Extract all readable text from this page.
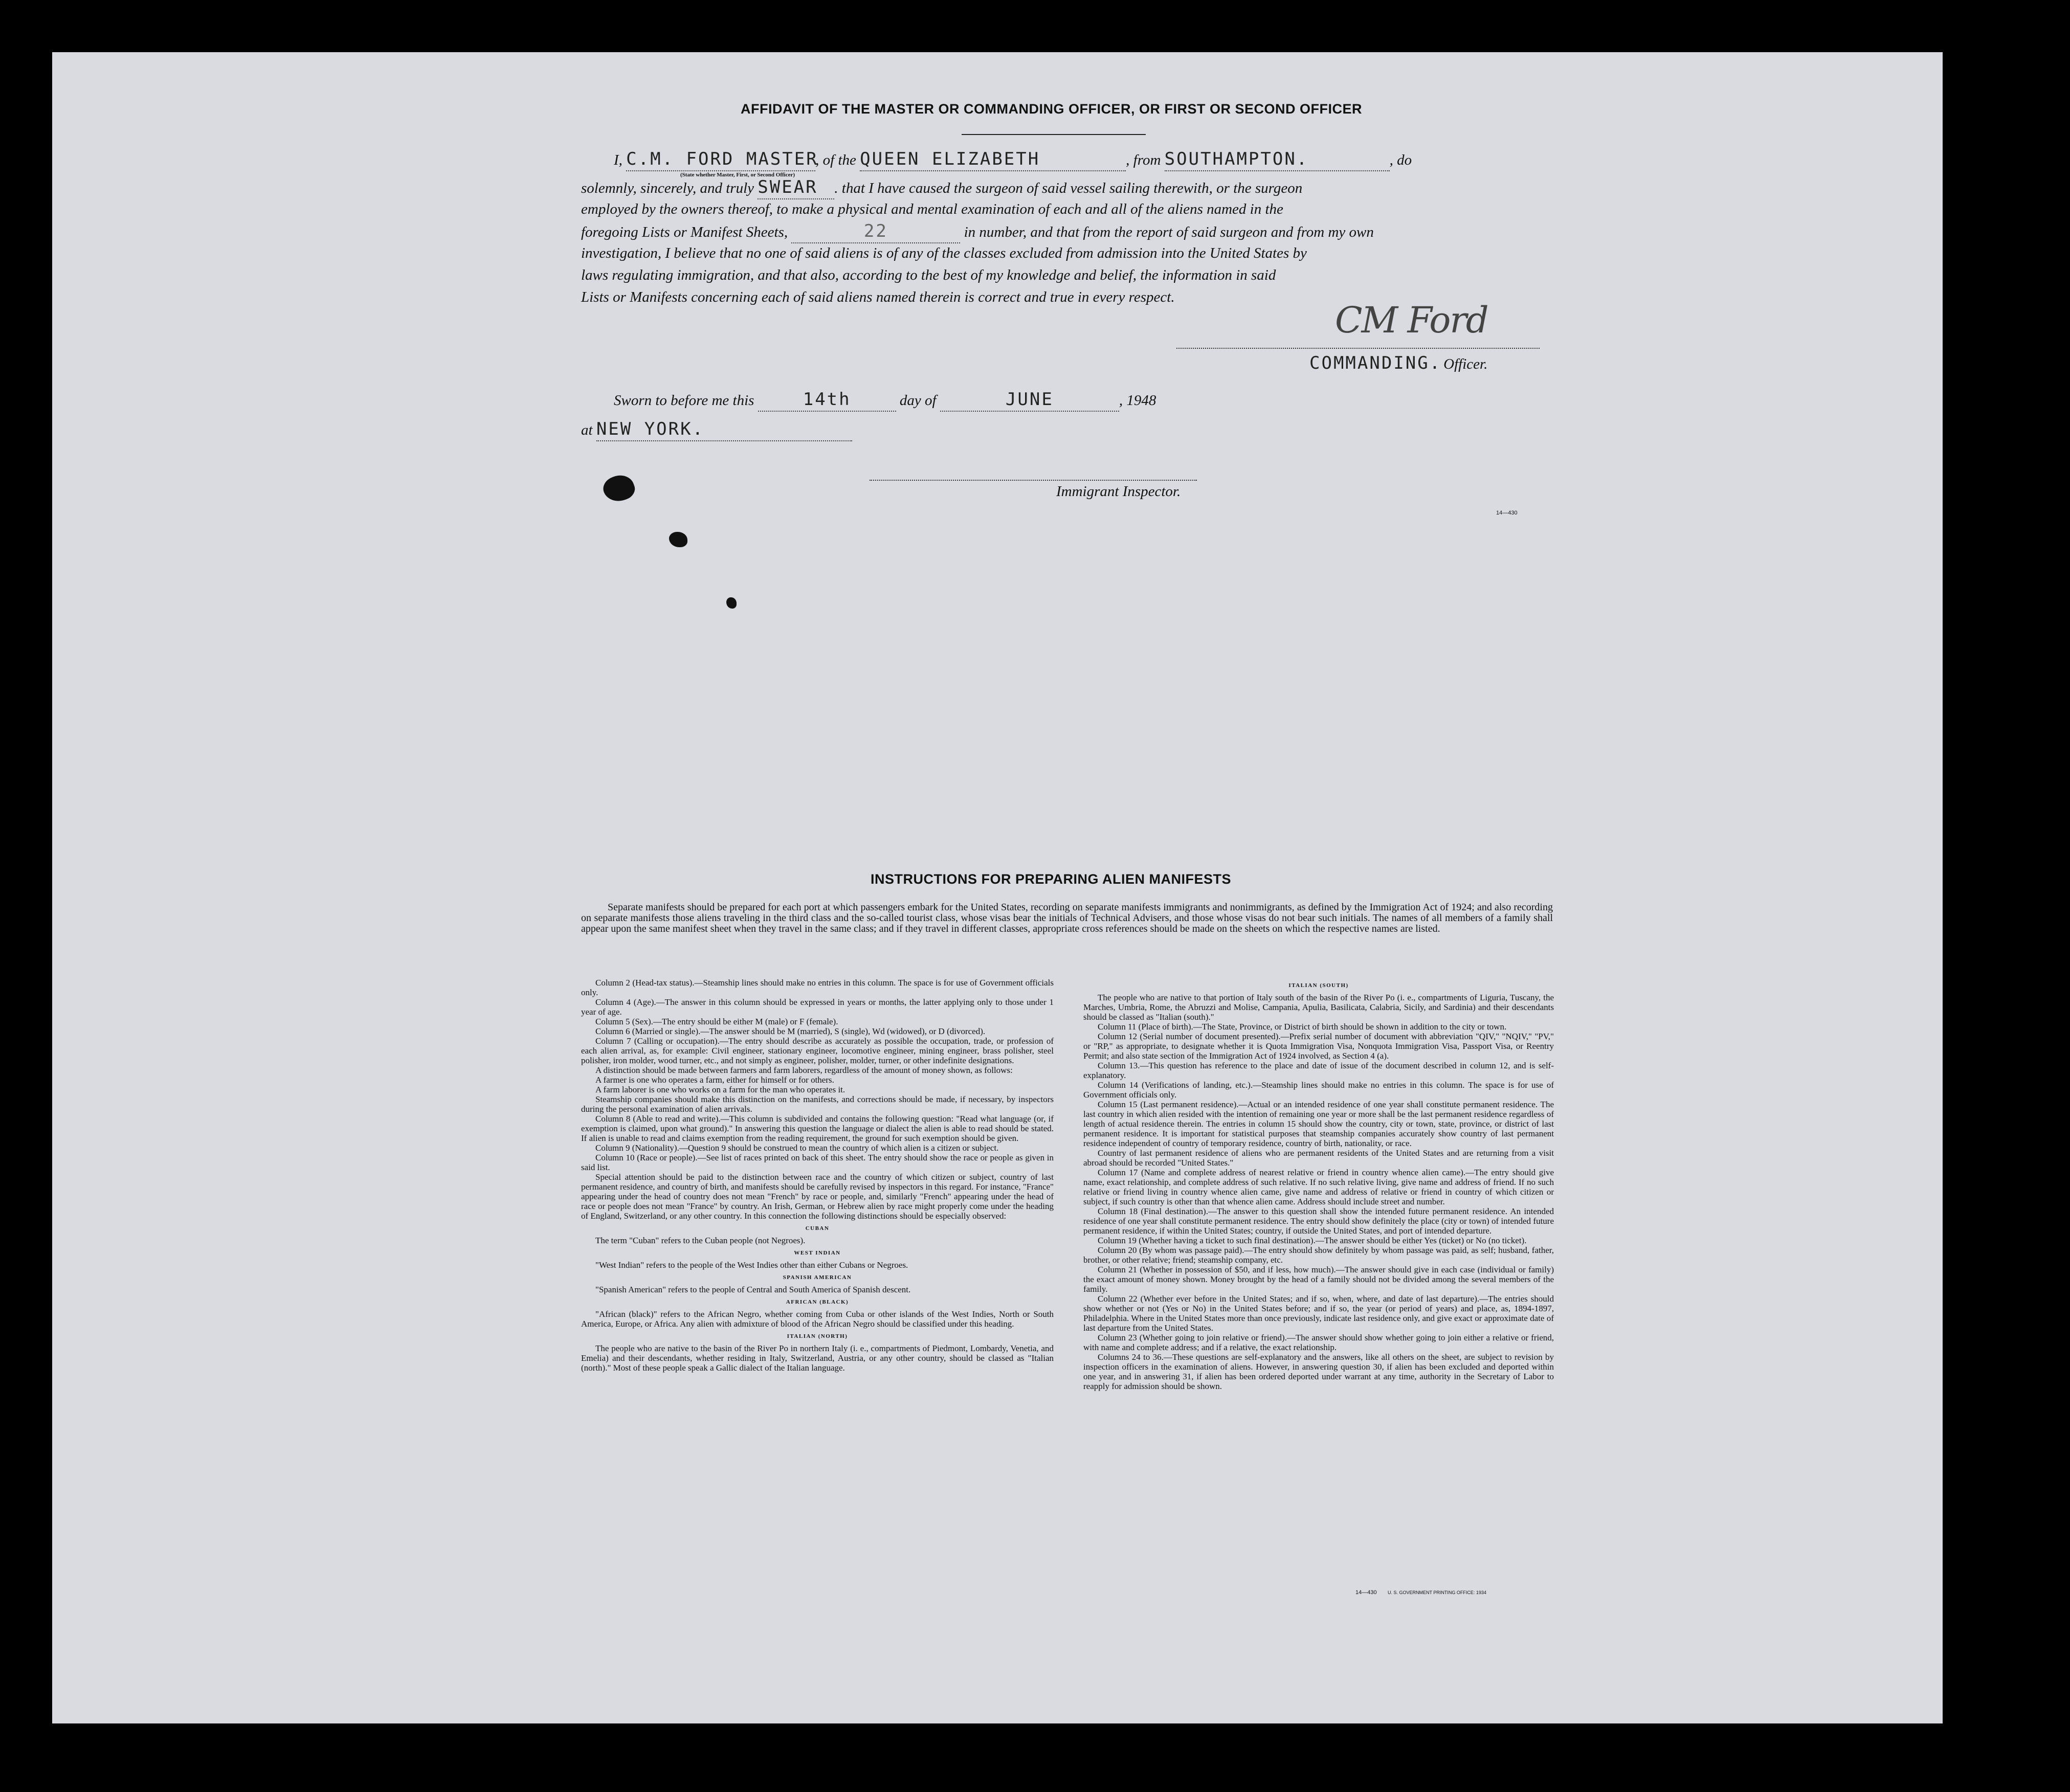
AFFIDAVIT OF THE MASTER OR COMMANDING OFFICER, OR FIRST OR SECOND OFFICER
I, C.M. FORD MASTER, of the QUEEN ELIZABETH	, from SOUTHAMPTON.	, do
(State whether Master, First, or Second Officer)
solemnly, sincerely, and truly SWEAR . that I have caused the surgeon of said vessel sailing therewith, or the surgeon
employed by the owners thereof, to make a physical and mental examination of each and all of the aliens named in the
foregoing Lists or Manifest Sheets,	22	in number, and that from the report of said surgeon and from my own
investigation, I believe that no one of said aliens is of any of the classes excluded from admission into the United States by
laws regulating immigration, and that also, according to the best of my knowledge and belief, the information in said
Lists or Manifests concerning each of said aliens named therein is correct and true in every respect.
CM Ford
COMMANDING. Officer.
Sworn to before me this	14th	day of	JUNE	, 1948
at NEW YORK.
Immigrant Inspector.
14—430
INSTRUCTIONS FOR PREPARING ALIEN MANIFESTS
Separate manifests should be prepared for each port at which passengers embark for the United States, recording on separate manifests immigrants and nonimmigrants, as defined by the Immigration Act of 1924; and also recording on separate manifests those aliens traveling in the third class and the so-called tourist class, whose visas bear the initials of Technical Advisers, and those whose visas do not bear such initials. The names of all members of a family shall appear upon the same manifest sheet when they travel in the same class; and if they travel in different classes, appropriate cross references should be made on the sheets on which the respective names are listed.

Column 2 (Head-tax status).—Steamship lines should make no entries in this column. The space is for use of Government officials only.

Column 4 (Age).—The answer in this column should be expressed in years or months, the latter applying only to those under 1 year of age.

Column 5 (Sex).—The entry should be either M (male) or F (female).

Column 6 (Married or single).—The answer should be M (married), S (single), Wd (widowed), or D (divorced).

Column 7 (Calling or occupation).—The entry should describe as accurately as possible the occupation, trade, or profession of each alien arrival, as, for example: Civil engineer, stationary engineer, locomotive engineer, mining engineer, brass polisher, steel polisher, iron molder, wood turner, etc., and not simply as engineer, polisher, molder, turner, or other indefinite designations.

A distinction should be made between farmers and farm laborers, regardless of the amount of money shown, as follows:

A farmer is one who operates a farm, either for himself or for others.

A farm laborer is one who works on a farm for the man who operates it.

Steamship companies should make this distinction on the manifests, and corrections should be made, if necessary, by inspectors during the personal examination of alien arrivals.

Column 8 (Able to read and write).—This column is subdivided and contains the following question: "Read what language (or, if exemption is claimed, upon what ground)." In answering this question the language or dialect the alien is able to read should be stated. If alien is unable to read and claims exemption from the reading requirement, the ground for such exemption should be given.

Column 9 (Nationality).—Question 9 should be construed to mean the country of which alien is a citizen or subject.

Column 10 (Race or people).—See list of races printed on back of this sheet. The entry should show the race or people as given in said list.

Special attention should be paid to the distinction between race and the country of which citizen or subject, country of last permanent residence, and country of birth, and manifests should be carefully revised by inspectors in this regard. For instance, "France" appearing under the head of country does not mean "French" by race or people, and, similarly "French" appearing under the head of race or people does not mean "France" by country. An Irish, German, or Hebrew alien by race might properly come under the heading of England, Switzerland, or any other country. In this connection the following distinctions should be especially observed:

CUBAN

The term "Cuban" refers to the Cuban people (not Negroes).

WEST INDIAN

"West Indian" refers to the people of the West Indies other than either Cubans or Negroes.

SPANISH AMERICAN

"Spanish American" refers to the people of Central and South America of Spanish descent.

AFRICAN (BLACK)

"African (black)" refers to the African Negro, whether coming from Cuba or other islands of the West Indies, North or South America, Europe, or Africa. Any alien with admixture of blood of the African Negro should be classified under this heading.

ITALIAN (NORTH)

The people who are native to the basin of the River Po in northern Italy (i. e., compartments of Piedmont, Lombardy, Venetia, and Emelia) and their descendants, whether residing in Italy, Switzerland, Austria, or any other country, should be classed as "Italian (north)." Most of these people speak a Gallic dialect of the Italian language.

ITALIAN (SOUTH)

The people who are native to that portion of Italy south of the basin of the River Po (i. e., compartments of Liguria, Tuscany, the Marches, Umbria, Rome, the Abruzzi and Molise, Campania, Apulia, Basilicata, Calabria, Sicily, and Sardinia) and their descendants should be classed as "Italian (south)."

Column 11 (Place of birth).—The State, Province, or District of birth should be shown in addition to the city or town.

Column 12 (Serial number of document presented).—Prefix serial number of document with abbreviation "QIV," "NQIV," "PV," or "RP," as appropriate, to designate whether it is Quota Immigration Visa, Nonquota Immigration Visa, Passport Visa, or Reentry Permit; and also state section of the Immigration Act of 1924 involved, as Section 4 (a).

Column 13.—This question has reference to the place and date of issue of the document described in column 12, and is self-explanatory.

Column 14 (Verifications of landing, etc.).—Steamship lines should make no entries in this column. The space is for use of Government officials only.

Column 15 (Last permanent residence).—Actual or an intended residence of one year shall constitute permanent residence. The last country in which alien resided with the intention of remaining one year or more shall be the last permanent residence regardless of length of actual residence therein. The entries in column 15 should show the country, city or town, state, province, or district of last permanent residence. It is important for statistical purposes that steamship companies accurately show country of last permanent residence independent of country of temporary residence, country of birth, nationality, or race.

Country of last permanent residence of aliens who are permanent residents of the United States and are returning from a visit abroad should be recorded "United States."

Column 17 (Name and complete address of nearest relative or friend in country whence alien came).—The entry should give name, exact relationship, and complete address of such relative. If no such relative living, give name and address of friend. If no such relative or friend living in country whence alien came, give name and address of relative or friend in country of which citizen or subject, if such country is other than that whence alien came. Address should include street and number.

Column 18 (Final destination).—The answer to this question shall show the intended future permanent residence. An intended residence of one year shall constitute permanent residence. The entry should show definitely the place (city or town) of intended future permanent residence, if within the United States; country, if outside the United States, and port of intended departure.

Column 19 (Whether having a ticket to such final destination).—The answer should be either Yes (ticket) or No (no ticket).

Column 20 (By whom was passage paid).—The entry should show definitely by whom passage was paid, as self; husband, father, brother, or other relative; friend; steamship company, etc.

Column 21 (Whether in possession of $50, and if less, how much).—The answer should give in each case (individual or family) the exact amount of money shown. Money brought by the head of a family should not be divided among the several members of the family.

Column 22 (Whether ever before in the United States; and if so, when, where, and date of last departure).—The entries should show whether or not (Yes or No) in the United States before; and if so, the year (or period of years) and place, as, 1894-1897, Philadelphia. Where in the United States more than once previously, indicate last residence only, and give exact or approximate date of last departure from the United States.

Column 23 (Whether going to join relative or friend).—The answer should show whether going to join either a relative or friend, with name and complete address; and if a relative, the exact relationship.

Columns 24 to 36.—These questions are self-explanatory and the answers, like all others on the sheet, are subject to revision by inspection officers in the examination of aliens. However, in answering question 30, if alien has been excluded and deported within one year, and in answering 31, if alien has been ordered deported under warrant at any time, authority in the Secretary of Labor to reapply for admission should be shown.

14—430 U. S. GOVERNMENT PRINTING OFFICE: 1934
